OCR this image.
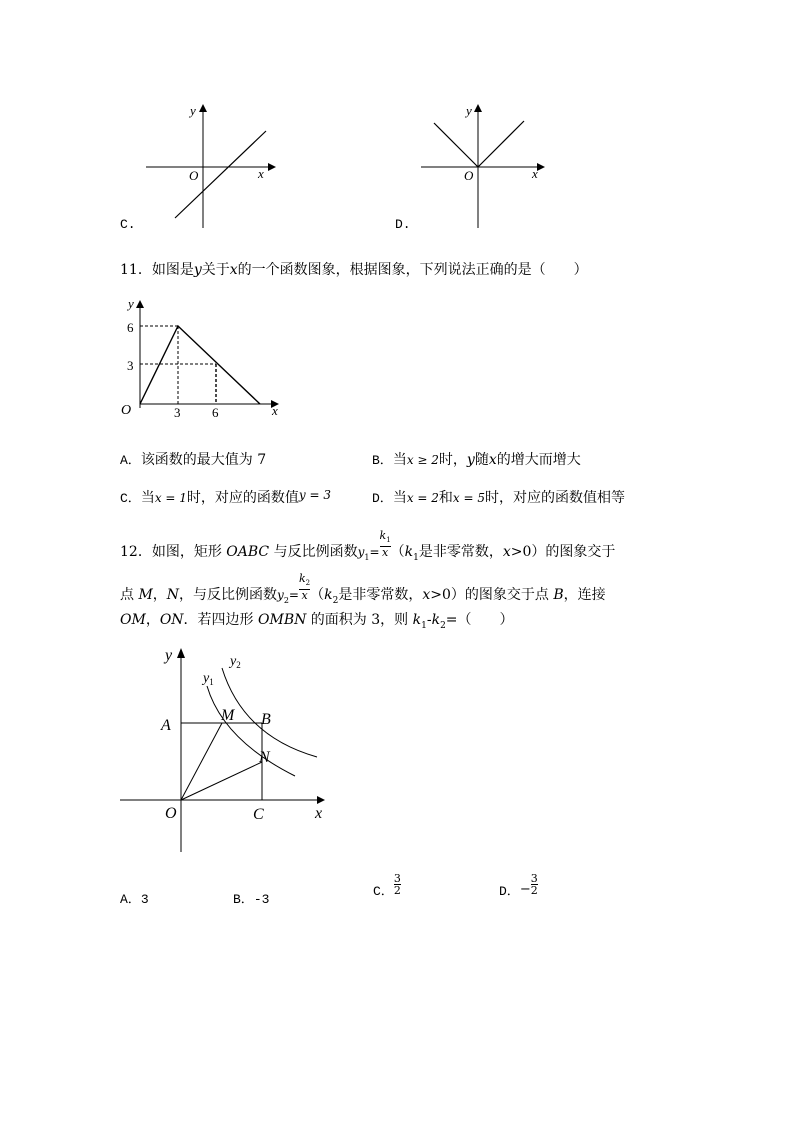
y
x
O
C.
y
x
O
D.
11．如图是y关于x的一个函数图象，根据图象，下列说法正确的是（　　）
y
x
O
6
3
3 6
A．该函数的最大值为 7	B．当x ≥ 2时，y随x的增大而增大
C．当x = 1时，对应的函数值y = 3	D．当x = 2和x = 5时，对应的函数值相等
12．如图，矩形 OABC 与反比例函数$y_1= \frac{k_1}{x} (k_1$是非零常数，x>0）的图象交于
点 M，N，与反比例函数$y_2= \frac{k_2}{x} (k_2$是非零常数，x>0）的图象交于点 B，连接
OM，ON．若四边形 OMBN 的面积为 3，则 $k_1-k_2=$（　　）
y
x
O
A
M B
N
C
$y_1$
$y_2$
A．3	B．-3
C． $\frac{3}{2}$	D．− $\frac{3}{2}$
